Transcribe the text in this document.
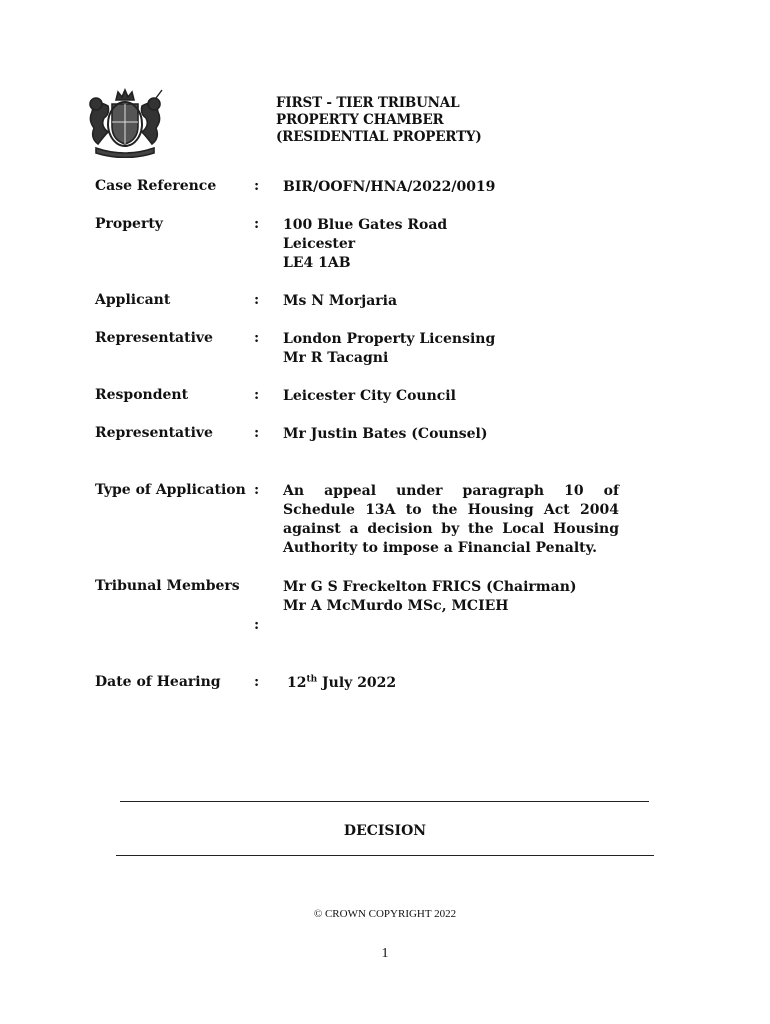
FIRST - TIER TRIBUNAL
PROPERTY CHAMBER
(RESIDENTIAL PROPERTY)
Case Reference	: BIR/OOFN/HNA/2022/0019
Property	: 100 Blue Gates Road
Leicester
LE4 1AB
Applicant	: Ms N Morjaria
Representative	: London Property Licensing
Mr R Tacagni
Respondent	: Leicester City Council
Representative	: Mr Justin Bates (Counsel)
Type of Application : An appeal under paragraph 10 of Schedule 13A to the Housing Act 2004 against a decision by the Local Housing Authority to impose a Financial Penalty.
Tribunal Members
:
Mr G S Freckelton FRICS (Chairman)
Mr A McMurdo MSc, MCIEH
Date of Hearing : 12th July 2022
DECISION
© CROWN COPYRIGHT 2022
1
